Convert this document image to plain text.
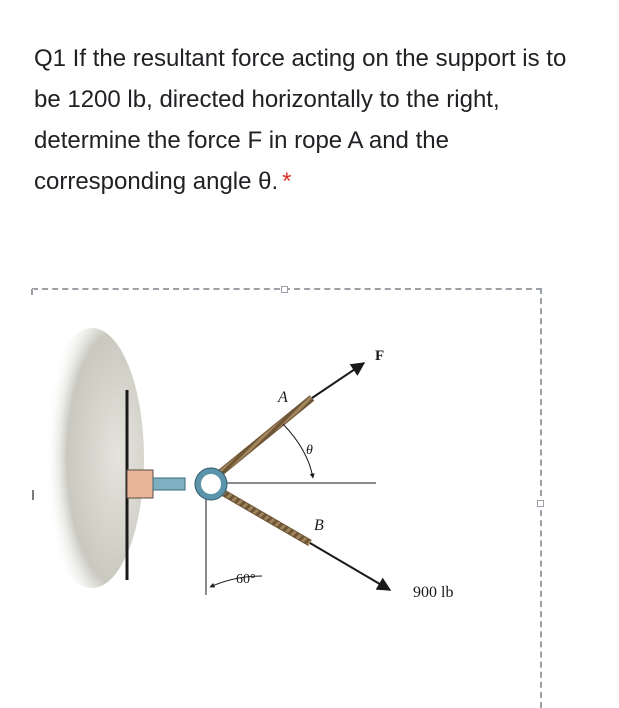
Q1 If the resultant force acting on the support is to be 1200 lb, directed horizontally to the right, determine the force F in rope A and the corresponding angle θ. *

F
A
θ
B
60°
900 lb
